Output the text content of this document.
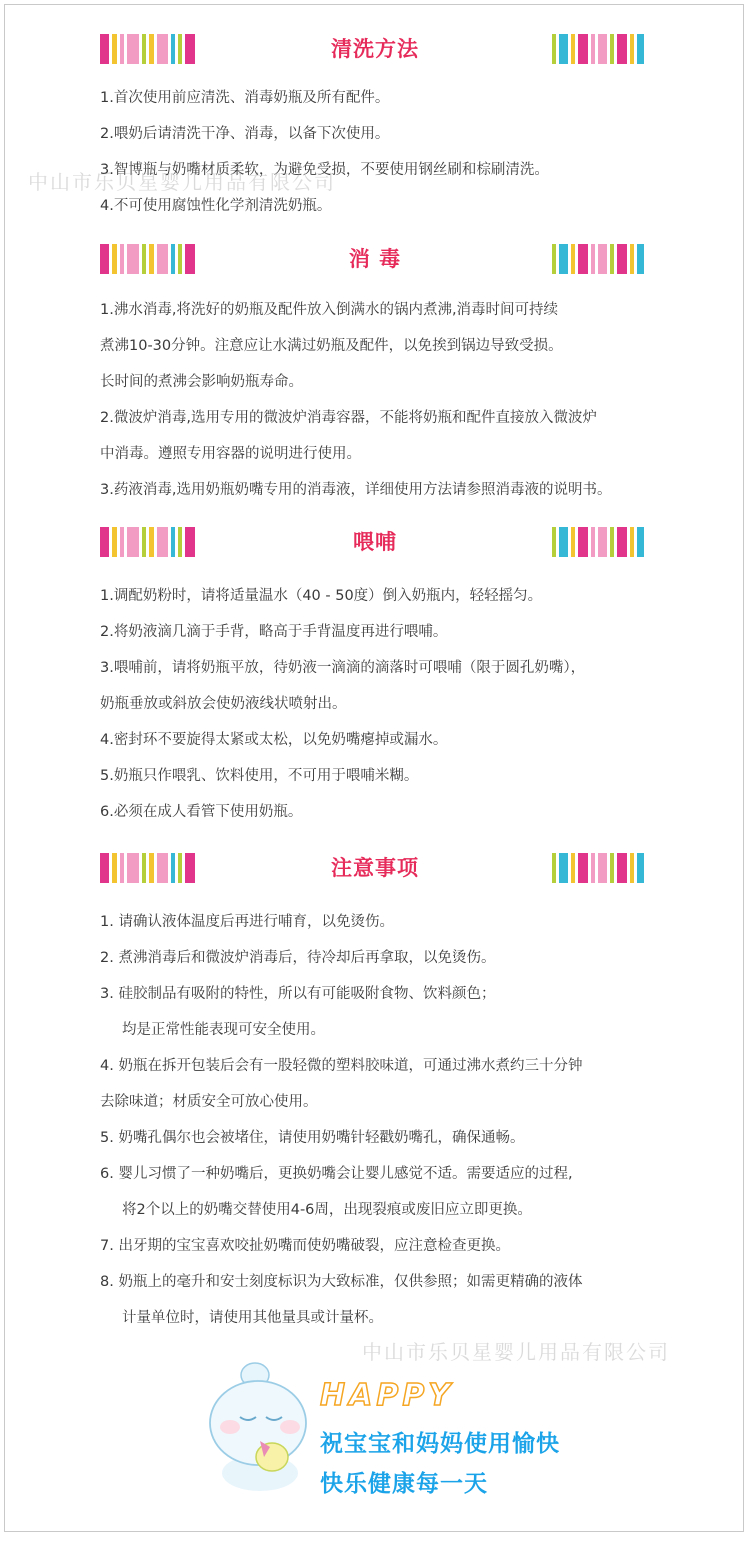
清洗方法
1.首次使用前应清洗、消毒奶瓶及所有配件。
2.喂奶后请清洗干净、消毒，以备下次使用。
3.智博瓶与奶嘴材质柔软，为避免受损，不要使用钢丝刷和棕刷清洗。
4.不可使用腐蚀性化学剂清洗奶瓶。
中山市乐贝星婴儿用品有限公司
消 毒
1.沸水消毒,将洗好的奶瓶及配件放入倒满水的锅内煮沸,消毒时间可持续
煮沸10-30分钟。注意应让水满过奶瓶及配件，以免挨到锅边导致受损。
长时间的煮沸会影响奶瓶寿命。
2.微波炉消毒,选用专用的微波炉消毒容器，不能将奶瓶和配件直接放入微波炉
中消毒。遵照专用容器的说明进行使用。
3.药液消毒,选用奶瓶奶嘴专用的消毒液，详细使用方法请参照消毒液的说明书。
喂哺
1.调配奶粉时，请将适量温水（40 - 50度）倒入奶瓶内，轻轻摇匀。
2.将奶液滴几滴于手背，略高于手背温度再进行喂哺。
3.喂哺前，请将奶瓶平放，待奶液一滴滴的滴落时可喂哺（限于圆孔奶嘴），
奶瓶垂放或斜放会使奶液线状喷射出。
4.密封环不要旋得太紧或太松，以免奶嘴瘪掉或漏水。
5.奶瓶只作喂乳、饮料使用，不可用于喂哺米糊。
6.必须在成人看管下使用奶瓶。
注意事项
1. 请确认液体温度后再进行哺育，以免烫伤。
2. 煮沸消毒后和微波炉消毒后，待冷却后再拿取，以免烫伤。
3. 硅胶制品有吸附的特性，所以有可能吸附食物、饮料颜色；
均是正常性能表现可安全使用。
4. 奶瓶在拆开包装后会有一股轻微的塑料胶味道，可通过沸水煮约三十分钟
去除味道；材质安全可放心使用。
5. 奶嘴孔偶尔也会被堵住，请使用奶嘴针轻戳奶嘴孔，确保通畅。
6. 婴儿习惯了一种奶嘴后，更换奶嘴会让婴儿感觉不适。需要适应的过程,
将2个以上的奶嘴交替使用4-6周，出现裂痕或废旧应立即更换。
7. 出牙期的宝宝喜欢咬扯奶嘴而使奶嘴破裂，应注意检查更换。
8. 奶瓶上的毫升和安士刻度标识为大致标准，仅供参照；如需更精确的液体
计量单位时，请使用其他量具或计量杯。
中山市乐贝星婴儿用品有限公司
HAPPY
祝宝宝和妈妈使用愉快
快乐健康每一天
